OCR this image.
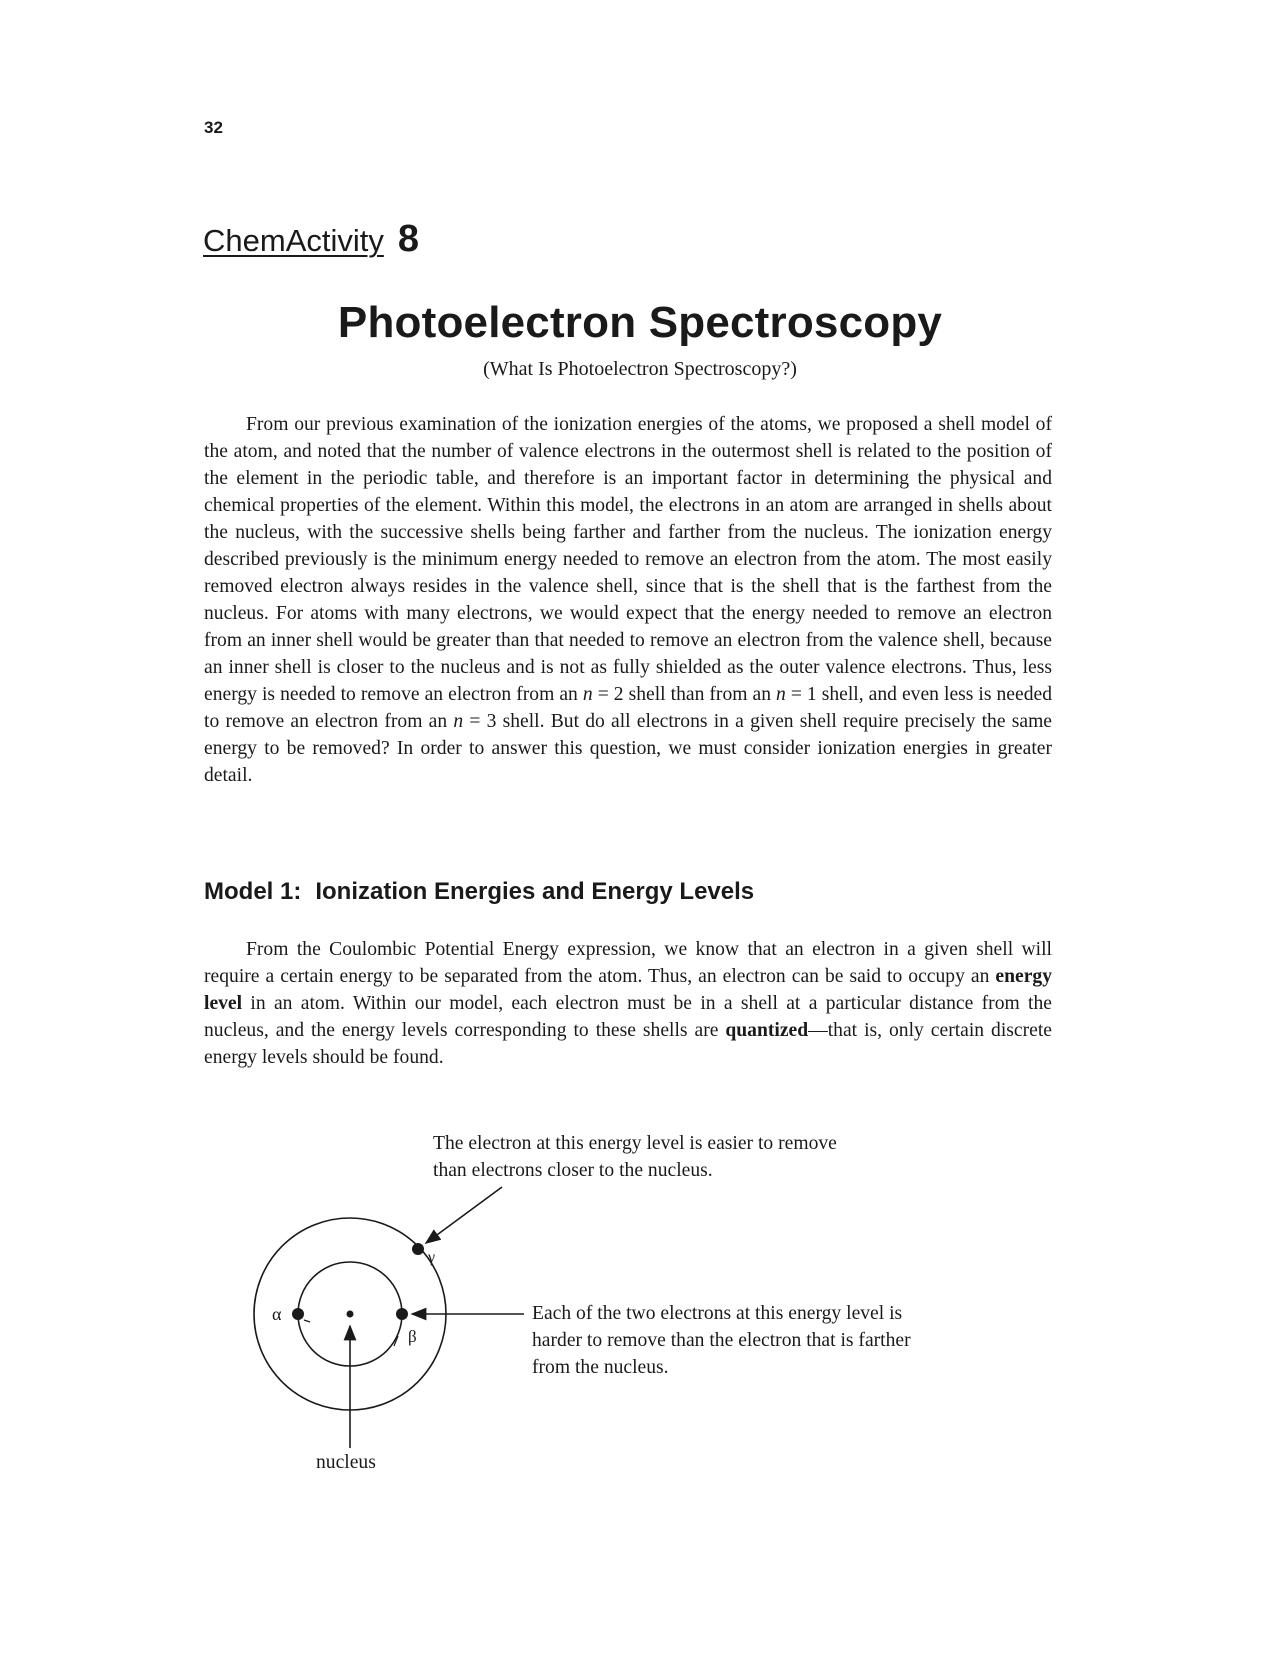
32
ChemActivity 8
Photoelectron Spectroscopy
(What Is Photoelectron Spectroscopy?)

From our previous examination of the ionization energies of the atoms, we proposed a shell model of the atom, and noted that the number of valence electrons in the outermost shell is related to the position of the element in the periodic table, and therefore is an important factor in determining the physical and chemical properties of the element. Within this model, the electrons in an atom are arranged in shells about the nucleus, with the successive shells being farther and farther from the nucleus. The ionization energy described previously is the minimum energy needed to remove an electron from the atom. The most easily removed electron always resides in the valence shell, since that is the shell that is the farthest from the nucleus. For atoms with many electrons, we would expect that the energy needed to remove an electron from an inner shell would be greater than that needed to remove an electron from the valence shell, because an inner shell is closer to the nucleus and is not as fully shielded as the outer valence electrons. Thus, less energy is needed to remove an electron from an n = 2 shell than from an n = 1 shell, and even less is needed to remove an electron from an n = 3 shell. But do all electrons in a given shell require precisely the same energy to be removed? In order to answer this question, we must consider ionization energies in greater detail.

Model 1: Ionization Energies and Energy Levels

From the Coulombic Potential Energy expression, we know that an electron in a given shell will require a certain energy to be separated from the atom. Thus, an electron can be said to occupy an energy level in an atom. Within our model, each electron must be in a shell at a particular distance from the nucleus, and the energy levels corresponding to these shells are quantized—that is, only certain discrete energy levels should be found.

The electron at this energy level is easier to remove than electrons closer to the nucleus.
Each of the two electrons at this energy level is harder to remove than the electron that is farther from the nucleus.
nucleus
α
β
γ
